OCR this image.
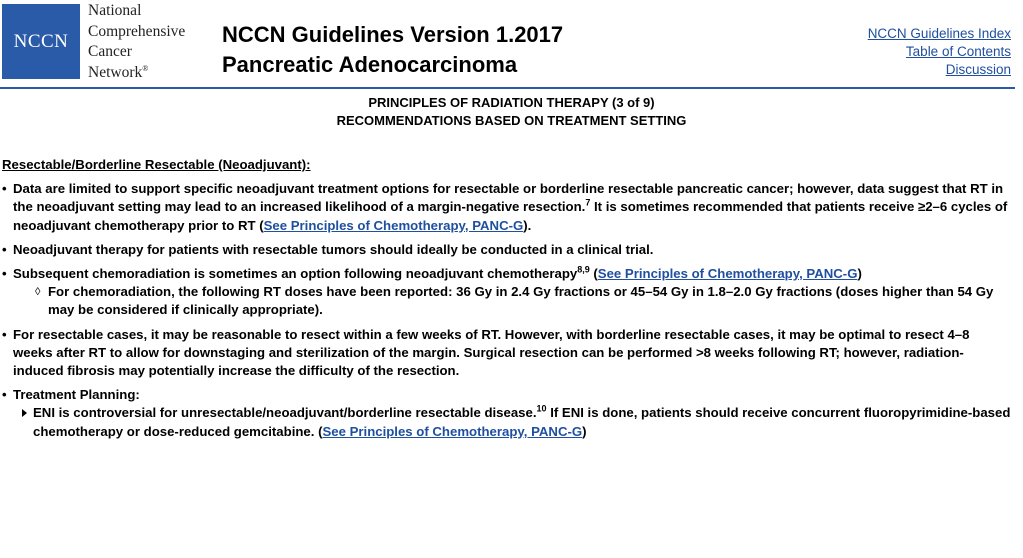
NCCN
National
Comprehensive
Cancer
Network®
NCCN Guidelines Version 1.2017
Pancreatic Adenocarcinoma
NCCN Guidelines Index
Table of Contents
Discussion
PRINCIPLES OF RADIATION THERAPY (3 of 9)
RECOMMENDATIONS BASED ON TREATMENT SETTING
Resectable/Borderline Resectable (Neoadjuvant):
• Data are limited to support specific neoadjuvant treatment options for resectable or borderline resectable pancreatic cancer; however, data suggest that RT in the neoadjuvant setting may lead to an increased likelihood of a margin-negative resection.$^7$ It is sometimes recommended that patients receive ≥2–6 cycles of neoadjuvant chemotherapy prior to RT (See Principles of Chemotherapy, PANC-G).
• Neoadjuvant therapy for patients with resectable tumors should ideally be conducted in a clinical trial.
• Subsequent chemoradiation is sometimes an option following neoadjuvant chemotherapy$^{8,9}$ (See Principles of Chemotherapy, PANC-G)
◊ For chemoradiation, the following RT doses have been reported: 36 Gy in 2.4 Gy fractions or 45–54 Gy in 1.8–2.0 Gy fractions (doses higher than 54 Gy may be considered if clinically appropriate).
• For resectable cases, it may be reasonable to resect within a few weeks of RT. However, with borderline resectable cases, it may be optimal to resect 4–8 weeks after RT to allow for downstaging and sterilization of the margin. Surgical resection can be performed >8 weeks following RT; however, radiation-induced fibrosis may potentially increase the difficulty of the resection.
• Treatment Planning:
ENI is controversial for unresectable/neoadjuvant/borderline resectable disease.$^{10}$ If ENI is done, patients should receive concurrent fluoropyrimidine-based chemotherapy or dose-reduced gemcitabine. (See Principles of Chemotherapy, PANC-G)
